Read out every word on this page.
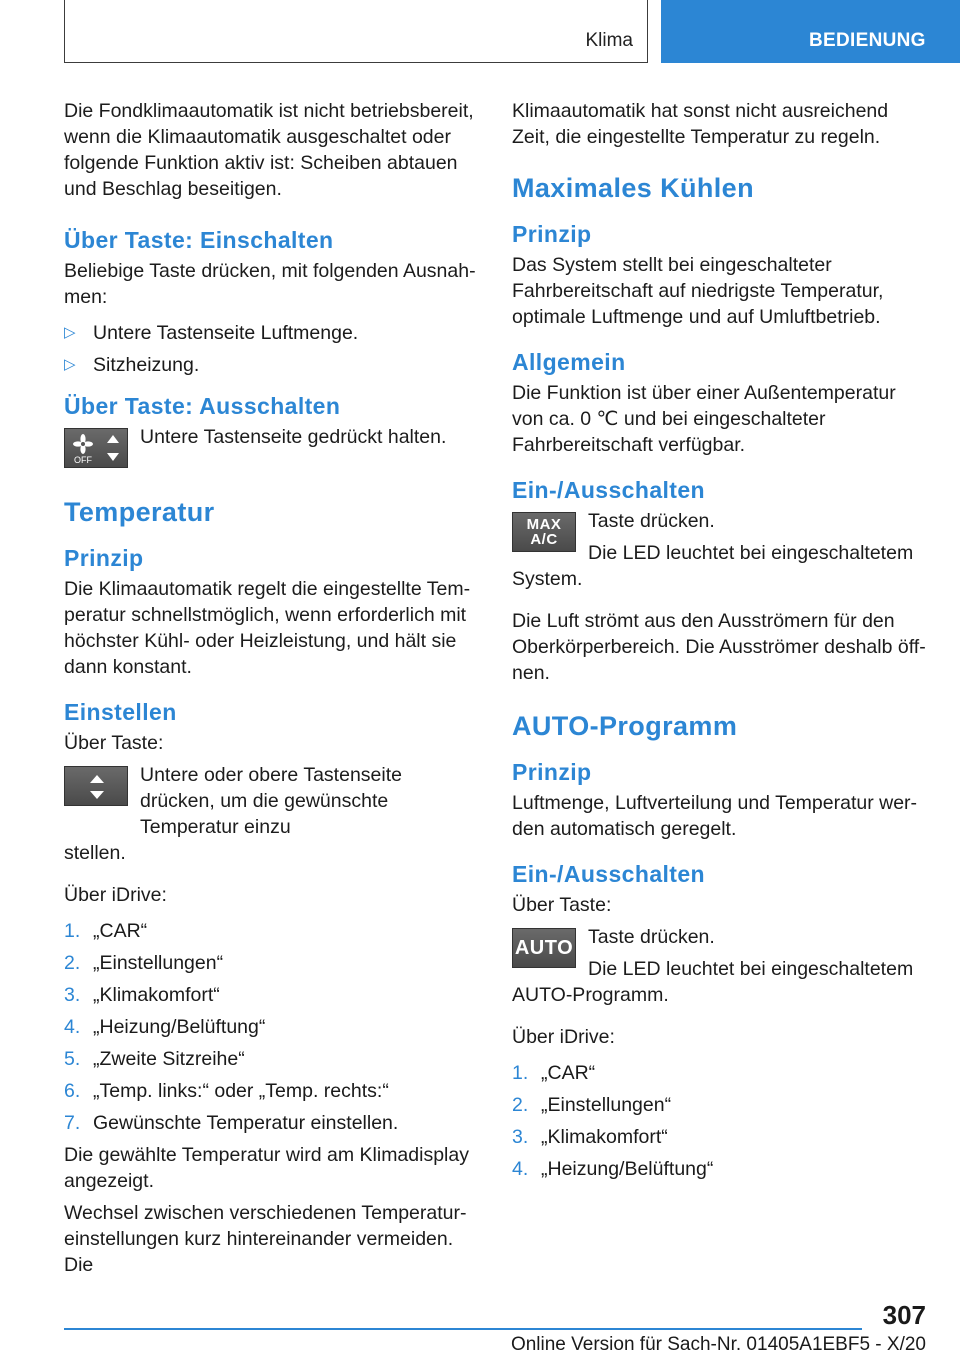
Klima	BEDIENUNG

Die Fondklimaautomatik ist nicht betriebsbereit, wenn die Klimaautomatik ausgeschaltet oder folgende Funktion aktiv ist: Scheiben abtauen und Beschlag beseitigen.

Über Taste: Einschalten

Beliebige Taste drücken, mit folgenden Ausnahmen:

▷ Untere Tastenseite Luftmenge.
▷ Sitzheizung.
Über Taste: Ausschalten
OFF

Untere Tastenseite gedrückt halten.

Temperatur
Prinzip

Die Klimaautomatik regelt die eingestellte Temperatur schnellstmöglich, wenn erforderlich mit höchster Kühl- oder Heizleistung, und hält sie dann konstant.

Einstellen

Über Taste:

Untere oder obere Tastenseite drücken, um die gewünschte Temperatur einzu

stellen.

Über iDrive:

1. „CAR“
2. „Einstellungen“
3. „Klimakomfort“
4. „Heizung/Belüftung“
5. „Zweite Sitzreihe“
6. „Temp. links:“ oder „Temp. rechts:“
7. Gewünschte Temperatur einstellen.

Die gewählte Temperatur wird am Klimadisplay angezeigt.

Wechsel zwischen verschiedenen Temperatureinstellungen kurz hintereinander vermeiden. Die

Klimaautomatik hat sonst nicht ausreichend Zeit, die eingestellte Temperatur zu regeln.

Maximales Kühlen
Prinzip

Das System stellt bei eingeschalteter Fahrbereitschaft auf niedrigste Temperatur, optimale Luftmenge und auf Umluftbetrieb.

Allgemein

Die Funktion ist über einer Außentemperatur von ca. 0 ℃ und bei eingeschalteter Fahrbereitschaft verfügbar.

Ein-/Ausschalten
MAX
A/C

Taste drücken.

Die LED leuchtet bei eingeschaltetem

System.

Die Luft strömt aus den Ausströmern für den Oberkörperbereich. Die Ausströmer deshalb öffnen.

AUTO-Programm
Prinzip

Luftmenge, Luftverteilung und Temperatur werden automatisch geregelt.

Ein-/Ausschalten

Über Taste:

AUTO Taste drücken.

Die LED leuchtet bei eingeschaltetem

AUTO-Programm.

Über iDrive:

1. „CAR“
2. „Einstellungen“
3. „Klimakomfort“
4. „Heizung/Belüftung“
307
Online Version für Sach-Nr. 01405A1EBF5 - X/20
